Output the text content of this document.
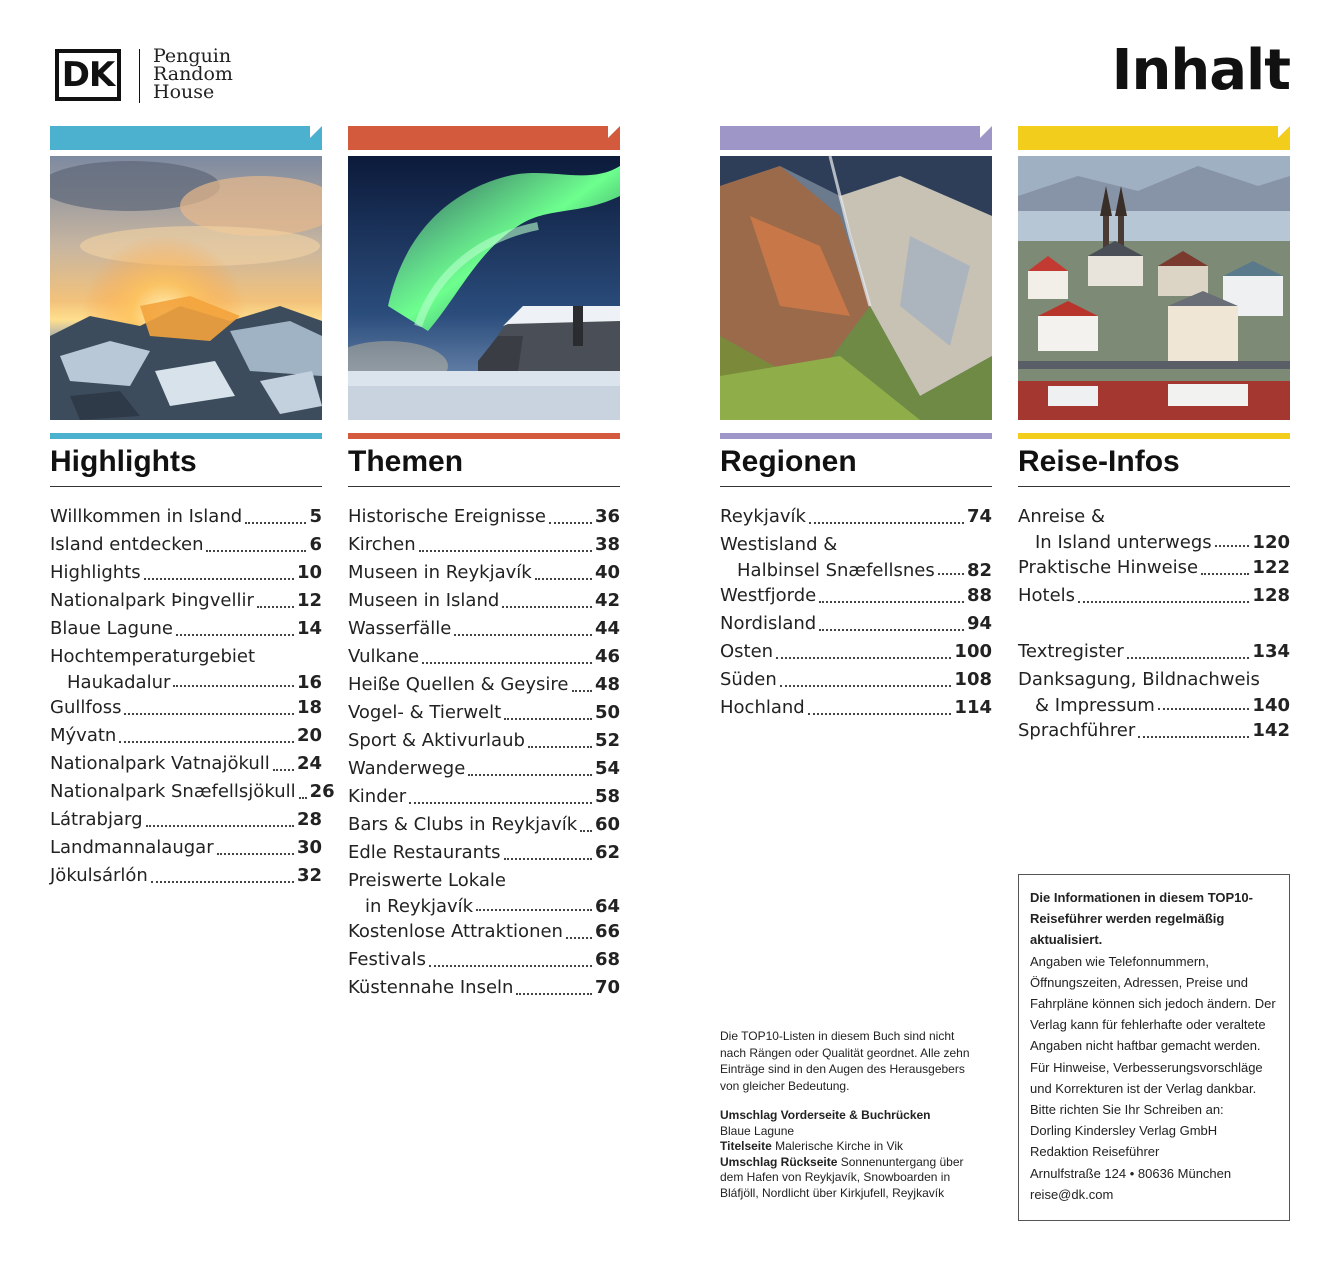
DK	Penguin
Random
House	Inhalt
Highlights
Willkommen in Island	5
Island entdecken	6
Highlights	10
Nationalpark Þingvellir 12
Blaue Lagune	14
Hochtemperaturgebiet
Haukadalur	16
Gullfoss	18
Mývatn	20
Nationalpark Vatnajökull 24
Nationalpark Snæfellsjökull 26
Látrabjarg	28
Landmannalaugar	30
Jökulsárlón	32
Themen
Historische Ereignisse	36
Kirchen	38
Museen in Reykjavík	40
Museen in Island	42
Wasserfälle	44
Vulkane	46
Heiße Quellen & Geysire 48
Vogel- & Tierwelt	50
Sport & Aktivurlaub	52
Wanderwege	54
Kinder	58
Bars & Clubs in Reykjavík 60
Edle Restaurants	62
Preiswerte Lokale
in Reykjavík	64
Kostenlose Attraktionen 66
Festivals	68
Küstennahe Inseln	70
Regionen
Reykjavík	74
Westisland &
Halbinsel Snæfellsnes 82
Westfjorde	88
Nordisland	94
Osten	100
Süden	108
Hochland	114
Reise-Infos
Anreise &
In Island unterwegs 120
Praktische Hinweise	122
Hotels	128
Textregister	134
Danksagung, Bildnachweis
& Impressum	140
Sprachführer	142
Die TOP10-Listen in diesem Buch sind nicht nach Rängen oder Qualität geordnet. Alle zehn Einträge sind in den Augen des Herausgebers von gleicher Bedeutung.
Umschlag Vorderseite & Buchrücken
Blaue Lagune
Titelseite Malerische Kirche in Vik
Umschlag Rückseite Sonnenuntergang über dem Hafen von Reykjavík, Snowboarden in Bláfjöll, Nordlicht über Kirkjufell, Reyjkavík
Die Informationen in diesem TOP10-Reiseführer werden regelmäßig aktualisiert.
Angaben wie Telefonnummern, Öffnungszeiten, Adressen, Preise und Fahrpläne können sich jedoch ändern. Der Verlag kann für fehlerhafte oder veraltete Angaben nicht haftbar gemacht werden. Für Hinweise, Verbesserungsvorschläge und Korrekturen ist der Verlag dankbar. Bitte richten Sie Ihr Schreiben an:
Dorling Kindersley Verlag GmbH
Redaktion Reiseführer
Arnulfstraße 124 • 80636 München
reise@dk.com
